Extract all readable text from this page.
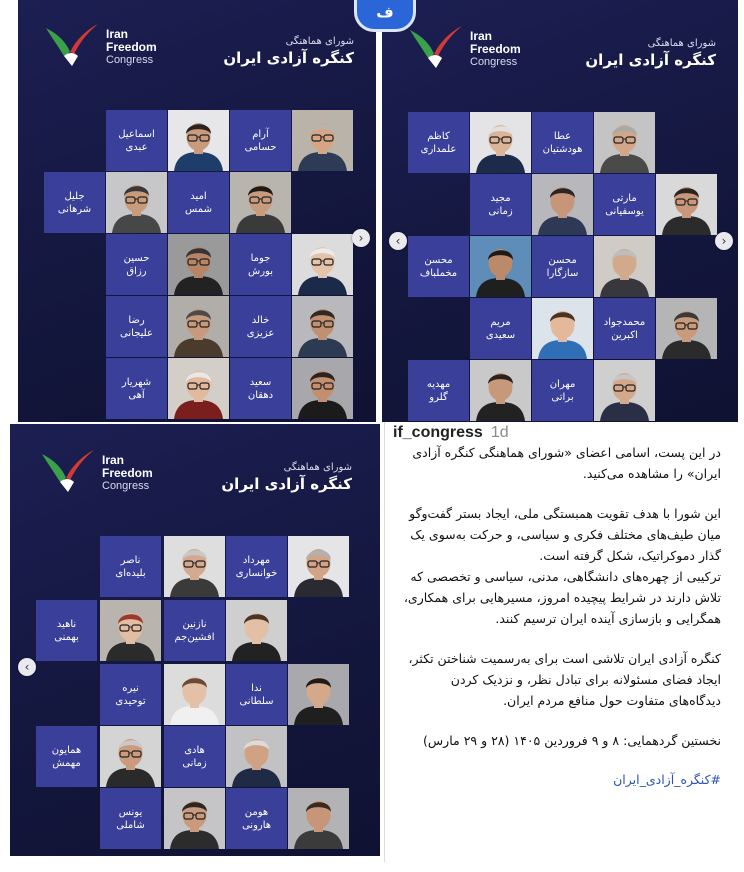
Iran
Freedom
Congress
شورای هماهنگی
کنگره آزادی ایران
آرام
حسامی
اسماعیل
عبدی
امید
شمس
جلیل
شرهانی
جوما
بورش
حسین
رزاق
خالد
عزیزی
رضا
علیجانی
سعید
دهقان
شهریار
آهی
›
Iran
Freedom
Congress
شورای هماهنگی
کنگره آزادی ایران
عطا
هودشتیان
کاظم
علمداری
مارتی
یوسفیانی
مجید
زمانی
محسن
سازگارا
محسن
مخملباف
محمدجواد
اکبرین
مریم
سعیدی
مهران
براتی
مهدیه
گلرو
‹	›
ف
Iran
Freedom
Congress
شورای هماهنگی
کنگره آزادی ایران
مهرداد
خوانساری
ناصر
بلیده‌ای
نازنین
افشین‌جم
ناهید
بهمنی
ندا
سلطانی
نیره
توحیدی
هادی
زمانی
همایون
مهمش
هومن
هارونی
یونس
شاملی
‹
if_congress 1d

در این پست، اسامی اعضای «شورای هماهنگی کنگره آزادی ایران» را مشاهده می‌کنید.

این شورا با هدف تقویت همبستگی ملی، ایجاد بستر گفت‌وگو میان طیف‌های مختلف فکری و سیاسی، و حرکت به‌سوی یک گذار دموکراتیک، شکل گرفته است.

ترکیبی از چهره‌های دانشگاهی، مدنی، سیاسی و تخصصی که تلاش دارند در شرایط پیچیده امروز، مسیرهایی برای همکاری، همگرایی و بازسازی آینده ایران ترسیم کنند.

کنگره آزادی ایران تلاشی است برای به‌رسمیت شناختن تکثر، ایجاد فضای مسئولانه برای تبادل نظر، و نزدیک کردن دیدگاه‌های متفاوت حول منافع مردم ایران.

نخستین گردهمایی: ۸ و ۹ فروردین ۱۴۰۵ (۲۸ و ۲۹ مارس)

#کنگره_آزادی_ایران
